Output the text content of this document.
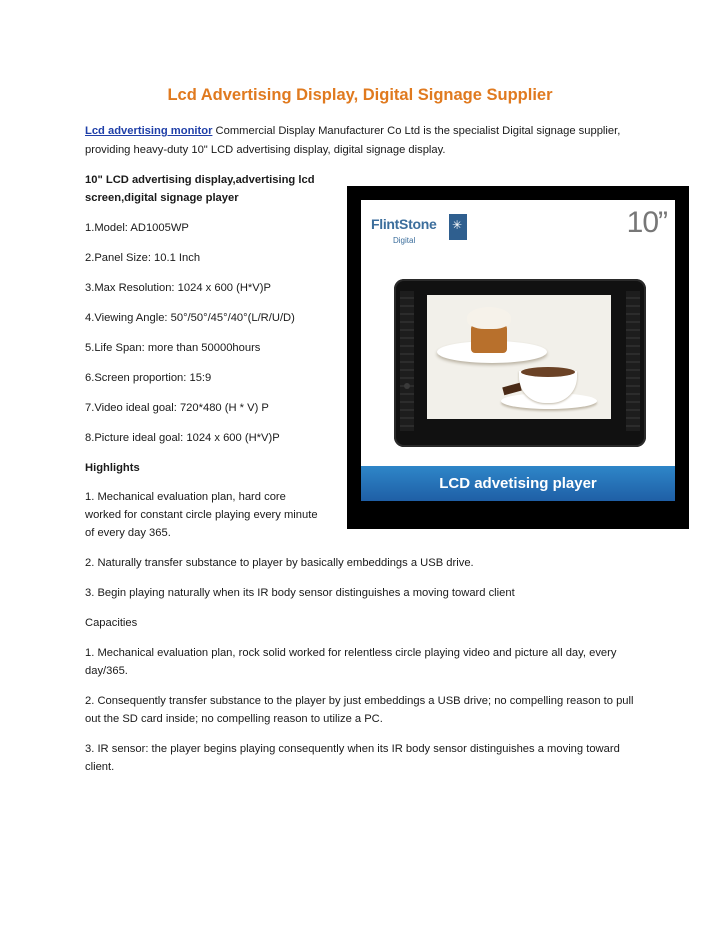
Lcd Advertising Display, Digital Signage Supplier
Lcd advertising monitor Commercial Display Manufacturer Co Ltd is the specialist Digital signage supplier, providing heavy-duty 10" LCD advertising display, digital signage display.
10" LCD advertising display,advertising lcd
screen,digital signage player
1.Model: AD1005WP
2.Panel Size: 10.1 Inch
3.Max Resolution: 1024 x 600 (H*V)P
4.Viewing Angle: 50°/50°/45°/40°(L/R/U/D)
5.Life Span: more than 50000hours
6.Screen proportion: 15:9
7.Video ideal goal: 720*480 (H * V) P
8.Picture ideal goal: 1024 x 600 (H*V)P
Highlights
1. Mechanical evaluation plan, hard core
worked for constant circle playing every minute
of every day 365.
2. Naturally transfer substance to player by basically embeddings a USB drive.
3. Begin playing naturally when its IR body sensor distinguishes a moving toward client
Capacities
1. Mechanical evaluation plan, rock solid worked for relentless circle playing video and picture all day, every day/365.
2. Consequently transfer substance to the player by just embeddings a USB drive; no compelling reason to pull out the SD card inside; no compelling reason to utilize a PC.
3. IR sensor: the player begins playing consequently when its IR body sensor distinguishes a moving toward client.
FlintStone
Digital
✳	10”
LCD advetising player
